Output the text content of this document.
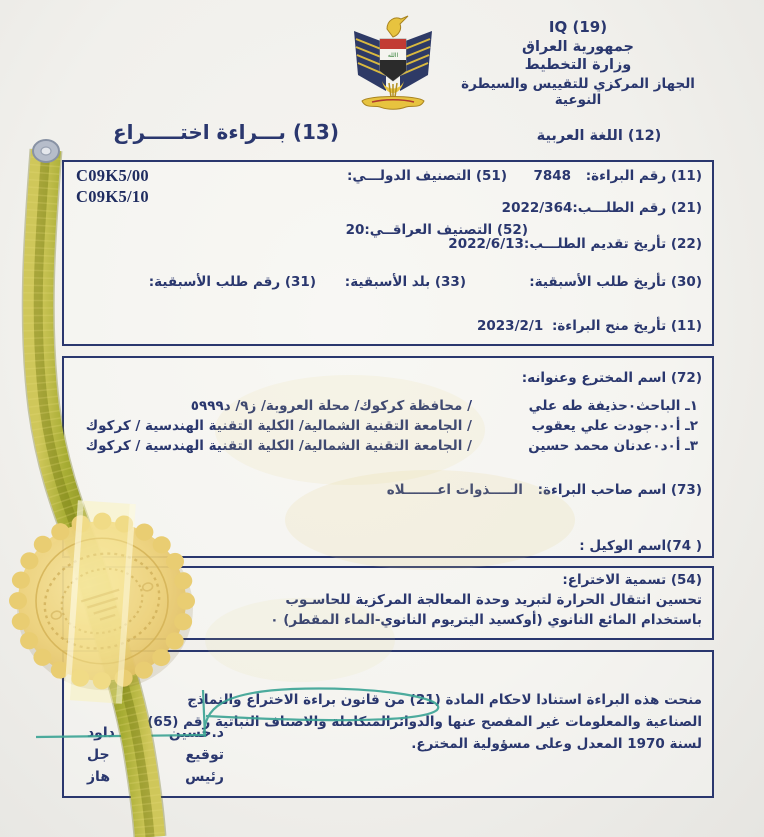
االله
IQ (19)
جمهورية العراق
وزارة التخطيط
الجهاز المركزي للتقييس والسيطرة النوعية
(12) اللغة العربية
(13) بـــراءة اختـــــراع
(11) رقم البراءة: 7848
(51) التصنيف الدولـــي:
C09K5/00
C09K5/10
(21) رقم الطلـــب:2022/364
(52) التصنيف العراقــي:20
(22) تأريخ تقديم الطلـــب:2022/6/13
(30) تأريخ طلب الأسبقية:
(33) بلد الأسبقية:
(31) رقم طلب الأسبقية:
(11) تأريخ منح البراءة: 2023/2/1
(72) اسم المخترع وعنوانه:
١ـ الباحث٠حذيفة طه علي
/ محافظة كركوك/ محلة العروبة/ ز٩/ د٥٩٩٩
٢ـ أ٠د٠جودت علي يعقوب
/ الجامعة التقنية الشمالية/ الكلية التقنية الهندسية / كركوك
٣ـ أ٠د٠عدنان محمد حسين
/ الجامعة التقنية الشمالية/ الكلية التقنية الهندسية / كركوك
(73) اسم صاحب البراءة: الـــــذوات اعـــــــلاه
( 74)اسم الوكيل :
(54) تسمية الاختراع:
تحسين انتقال الحرارة لتبريد وحدة المعالجة المركزية للحاسـوب
باستخدام المائع النانوي (أوكسيد اليتريوم النانوي-الماء المقطر) ٠
منحت هذه البراءة استنادا لاحكام المادة (21) من قانون براءة الاختراع والنماذج
الصناعية والمعلومات غير المفصح عنها والدوائرالمتكاملة والاصناف النباتية رقم (65)
لسنة 1970 المعدل وعلى مسؤولية المخترع.
د.حسين
داود
توقيع
جل
رئيس
هاز
